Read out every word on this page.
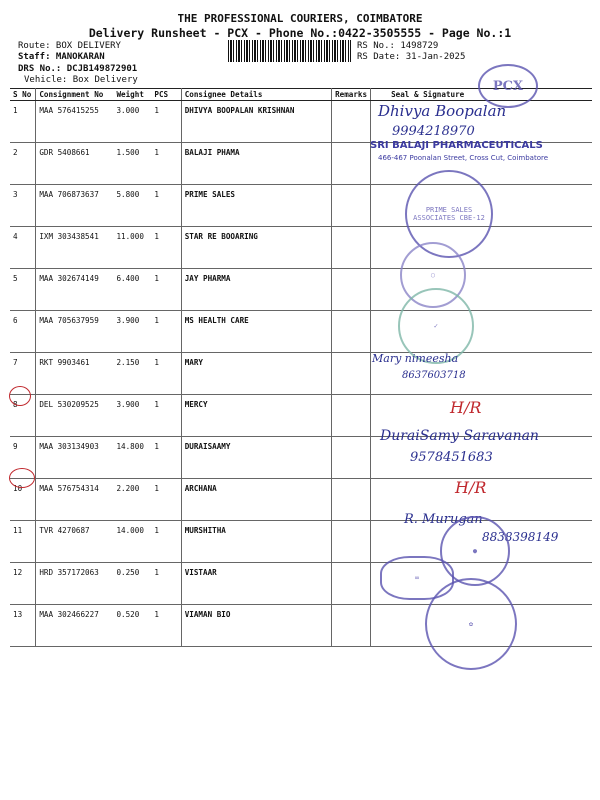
THE PROFESSIONAL COURIERS, COIMBATORE
Delivery Runsheet - PCX - Phone No.:0422-3505555 - Page No.:1
Route: BOX DELIVERY
Staff: MANOKARAN
DRS No.: DCJB149872901
Vehicle: Box Delivery
RS No.: 1498729
RS Date: 31-Jan-2025
S No	Consignment No	Weight	PCS	Consignee Details	Remarks	Seal & Signature
1	MAA 576415255	3.000	1	DHIVYA BOOPALAN KRISHNAN		
2	GDR 5408661	1.500	1	BALAJI PHAMA		
3	MAA 706873637	5.800	1	PRIME SALES		
4	IXM 303438541	11.000	1	STAR RE BOOARING		
5	MAA 302674149	6.400	1	JAY PHARMA		
6	MAA 705637959	3.900	1	MS HEALTH CARE		
7	RKT 9903461	2.150	1	MARY		
8	DEL 530209525	3.900	1	MERCY		
9	MAA 303134903	14.800	1	DURAISAAMY		
10	MAA 576754314	2.200	1	ARCHANA		
11	TVR 4270687	14.000	1	MURSHITHA		
12	HRD 357172063	0.250	1	VISTAAR		
13	MAA 302466227	0.520	1	VIAMAN BIO		
PCX
Dhivya Boopalan
9994218970
SRI BALAJI PHARMACEUTICALS
466-467 Poonalan Street, Cross Cut, Coimbatore
PRIME SALES ASSOCIATES CBE-12
○
✓
Mary nimeesha
8637603718
H/R
DuraiSamy Saravanan
9578451683
H/R
R. Murugan
8838398149
●
∞
✿
